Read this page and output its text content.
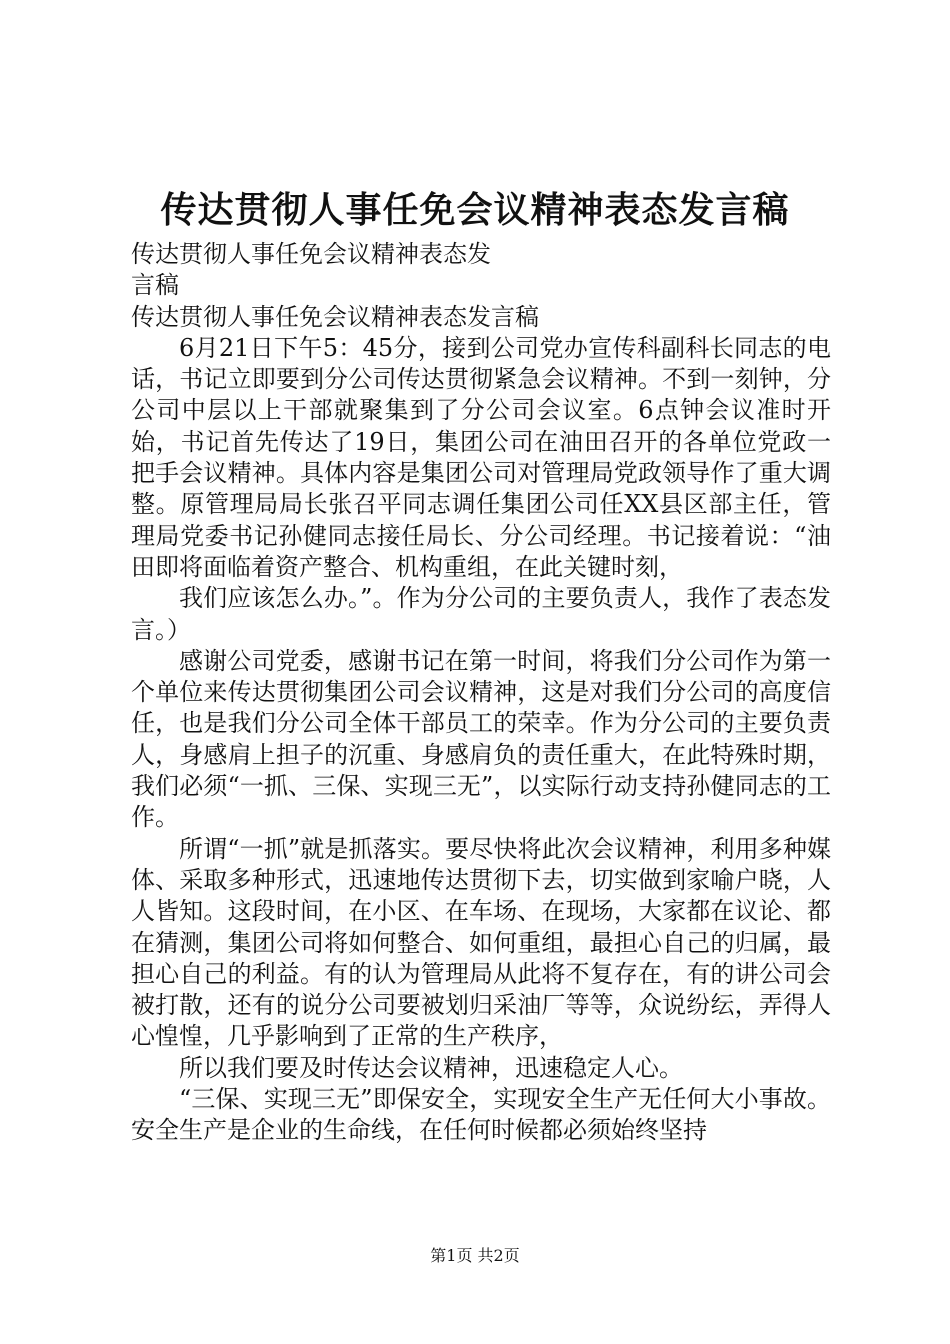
传达贯彻人事任免会议精神表态发言稿

传达贯彻人事任免会议精神表态发

言稿

传达贯彻人事任免会议精神表态发言稿

6月21日下午5：45分，接到公司党办宣传科副科长同志的电话，书记立即要到分公司传达贯彻紧急会议精神。不到一刻钟，分公司中层以上干部就聚集到了分公司会议室。6点钟会议准时开始，书记首先传达了19日，集团公司在油田召开的各单位党政一把手会议精神。具体内容是集团公司对管理局党政领导作了重大调整。原管理局局长张召平同志调任集团公司任XX县区部主任，管理局党委书记孙健同志接任局长、分公司经理。书记接着说：“油田即将面临着资产整合、机构重组，在此关键时刻，

我们应该怎么办。”。作为分公司的主要负责人，我作了表态发言。）

感谢公司党委，感谢书记在第一时间，将我们分公司作为第一个单位来传达贯彻集团公司会议精神，这是对我们分公司的高度信任，也是我们分公司全体干部员工的荣幸。作为分公司的主要负责人，身感肩上担子的沉重、身感肩负的责任重大，在此特殊时期，我们必须“一抓、三保、实现三无”，以实际行动支持孙健同志的工作。

所谓“一抓”就是抓落实。要尽快将此次会议精神，利用多种媒体、采取多种形式，迅速地传达贯彻下去，切实做到家喻户晓，人人皆知。这段时间，在小区、在车场、在现场，大家都在议论、都在猜测，集团公司将如何整合、如何重组，最担心自己的归属，最担心自己的利益。有的认为管理局从此将不复存在，有的讲公司会被打散，还有的说分公司要被划归采油厂等等，众说纷纭，弄得人心惶惶，几乎影响到了正常的生产秩序，

所以我们要及时传达会议精神，迅速稳定人心。

“三保、实现三无”即保安全，实现安全生产无任何大小事故。安全生产是企业的生命线，在任何时候都必须始终坚持

第1页 共2页
